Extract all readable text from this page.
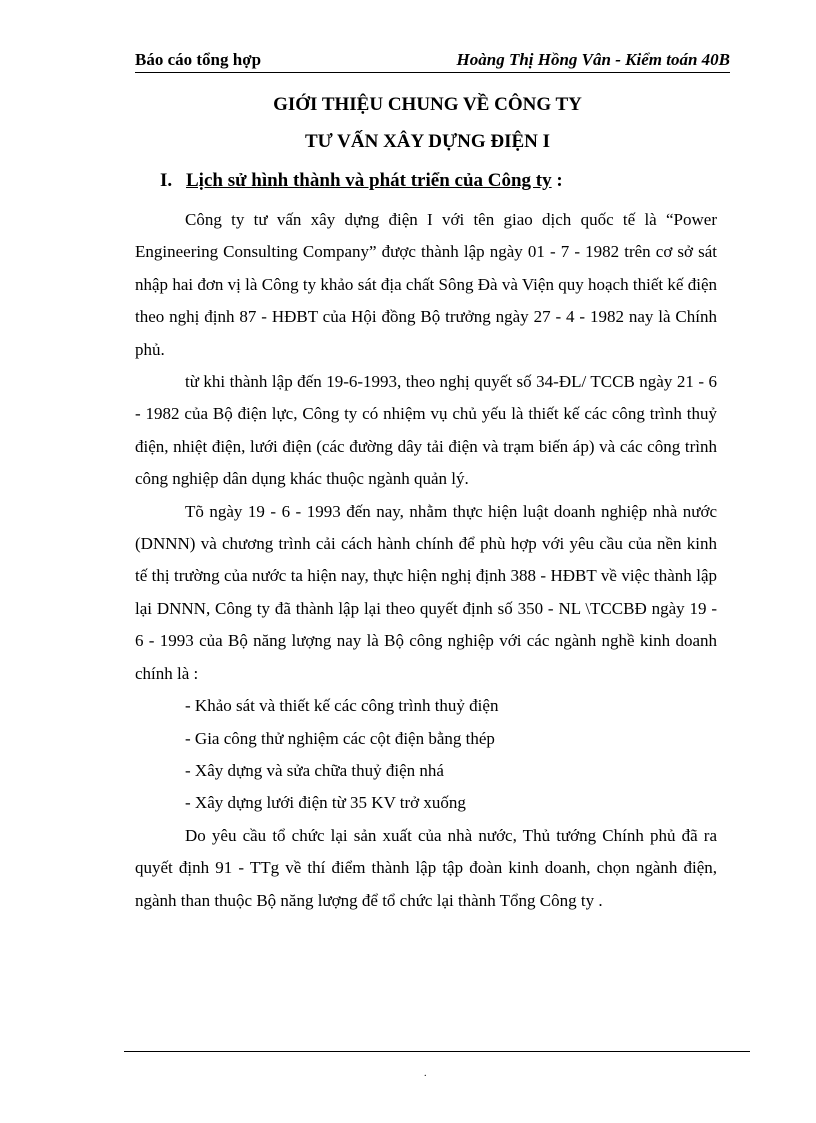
Báo cáo tổng hợp	Hoàng Thị Hồng Vân - Kiểm toán 40B
GIỚI THIỆU CHUNG VỀ CÔNG TY
TƯ VẤN XÂY DỰNG ĐIỆN I
I. Lịch sử hình thành và phát triển của Công ty :

Công ty tư vấn xây dựng điện I với tên giao dịch quốc tế là “Power Engineering Consulting Company” được thành lập ngày 01 - 7 - 1982 trên cơ sở sát nhập hai đơn vị là Công ty khảo sát địa chất Sông Đà và Viện quy hoạch thiết kế điện theo nghị định 87 - HĐBT của Hội đồng Bộ trưởng ngày 27 - 4 - 1982 nay là Chính phủ.

từ khi thành lập đến 19-6-1993, theo nghị quyết số 34-ĐL/ TCCB ngày 21 - 6 - 1982 của Bộ điện lực, Công ty có nhiệm vụ chủ yếu là thiết kế các công trình thuỷ điện, nhiệt điện, lưới điện (các đường dây tải điện và trạm biến áp) và các công trình công nghiệp dân dụng khác thuộc ngành quản lý.

Tõ ngày 19 - 6 - 1993 đến nay, nhằm thực hiện luật doanh nghiệp nhà nước (DNNN) và chương trình cải cách hành chính để phù hợp với yêu cầu của nền kinh tế thị trường của nước ta hiện nay, thực hiện nghị định 388 - HĐBT về việc thành lập lại DNNN, Công ty đã thành lập lại theo quyết định số 350 - NL \TCCBĐ ngày 19 - 6 - 1993 của Bộ năng lượng nay là Bộ công nghiệp với các ngành nghề kinh doanh chính là :

- Khảo sát và thiết kế các công trình thuỷ điện

- Gia công thử nghiệm các cột điện bằng thép

- Xây dựng và sửa chữa thuỷ điện nhá

- Xây dựng lưới điện từ 35 KV trở xuống

Do yêu cầu tổ chức lại sản xuất của nhà nước, Thủ tướng Chính phủ đã ra quyết định 91 - TTg về thí điểm thành lập tập đoàn kinh doanh, chọn ngành điện, ngành than thuộc Bộ năng lượng để tổ chức lại thành Tổng Công ty .

.
